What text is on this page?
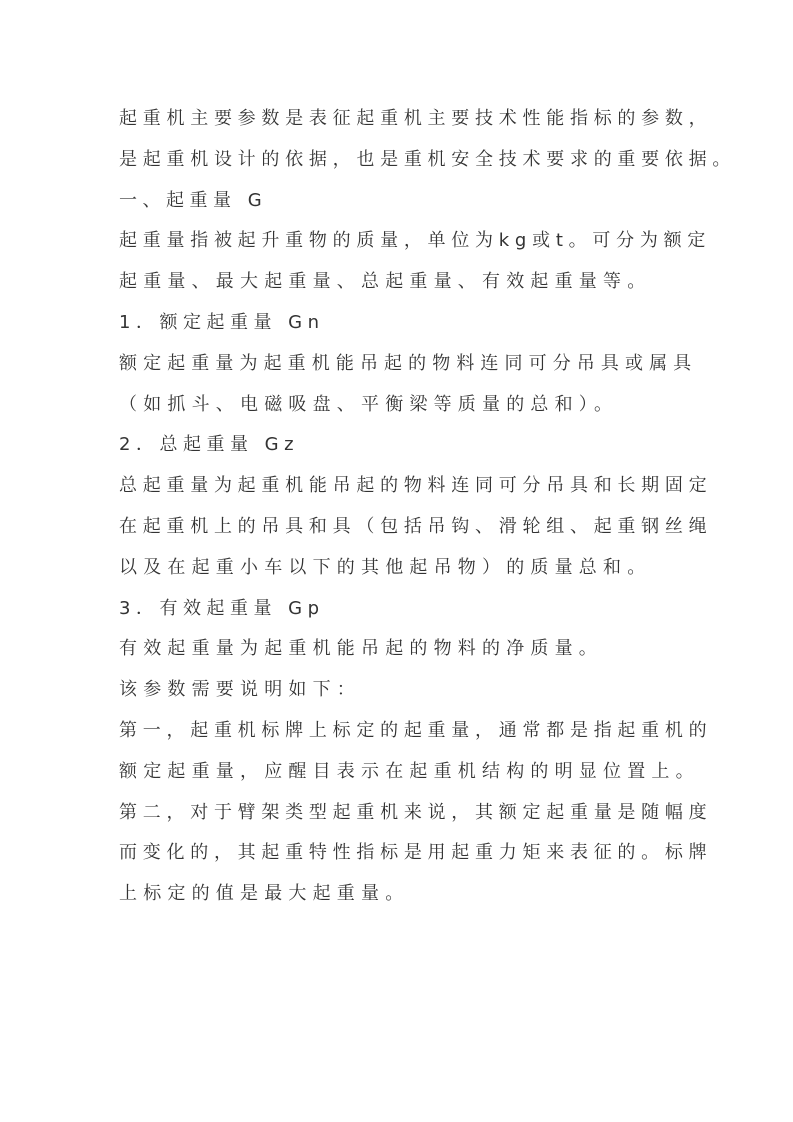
起 重 机 主 要 参 数 是 表 征 起 重 机 主 要 技 术 性 能 指 标 的 参 数 ，
是 起 重 机 设 计 的 依 据 ， 也 是 重 机 安 全 技 术 要 求 的 重 要 依 据 。
一、起重量 G
起 重 量 指 被 起 升 重 物 的 质 量 ， 单 位 为 k g 或 t 。 可 分 为 额 定
起重量、最大起重量、总起重量、有效起重量等。
1．额定起重量 Gn
额 定 起 重 量 为 起 重 机 能 吊 起 的 物 料 连 同 可 分 吊 具 或 属 具
（如抓斗、电磁吸盘、平衡梁等质量的总和）。
2．总起重量 Gz
总 起 重 量 为 起 重 机 能 吊 起 的 物 料 连 同 可 分 吊 具 和 长 期 固 定
在 起 重 机 上 的 吊 具 和 具 （ 包 括 吊 钩 、 滑 轮 组 、 起 重 钢 丝 绳
以及在起重小车以下的其他起吊物）的质量总和。
3．有效起重量 Gp
有效起重量为起重机能吊起的物料的净质量。
该参数需要说明如下：
第 一 ， 起 重 机 标 牌 上 标 定 的 起 重 量 ， 通 常 都 是 指 起 重 机 的
额定起重量，应醒目表示在起重机结构的明显位置上。
第 二 ， 对 于 臂 架 类 型 起 重 机 来 说 ， 其 额 定 起 重 量 是 随 幅 度
而 变 化 的 ， 其 起 重 特 性 指 标 是 用 起 重 力 矩 来 表 征 的 。 标 牌
上标定的值是最大起重量。
